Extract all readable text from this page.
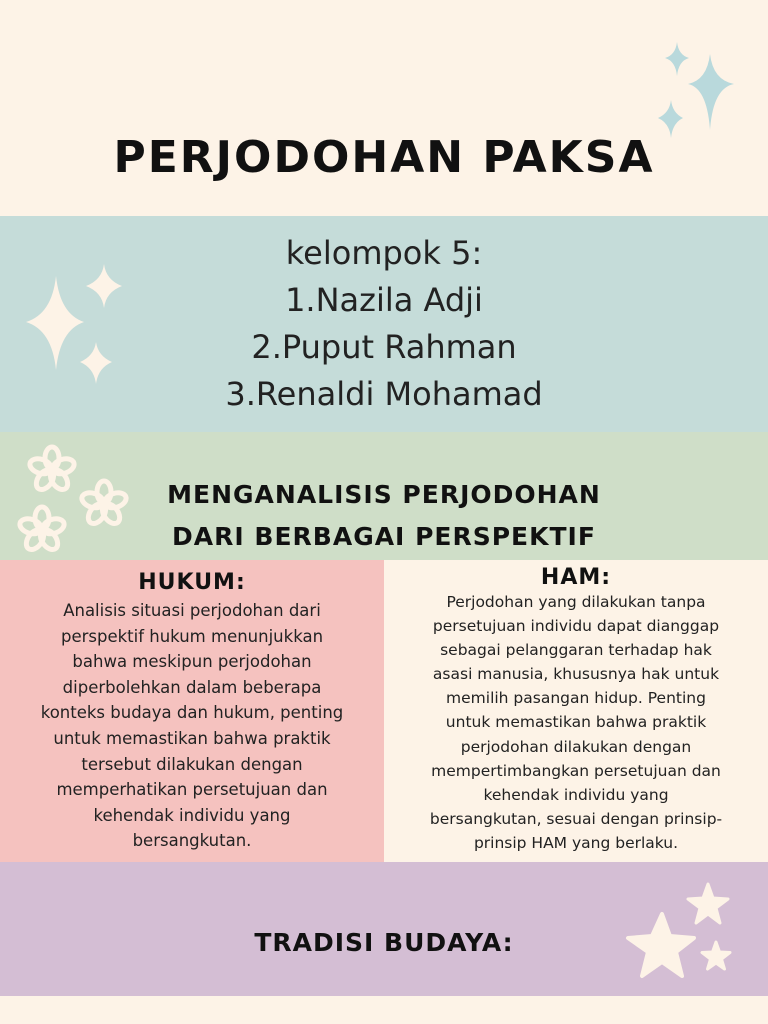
PERJODOHAN PAKSA
kelompok 5:
1.Nazila Adji
2.Puput Rahman
3.Renaldi Mohamad
MENGANALISIS PERJODOHAN
DARI BERBAGAI PERSPEKTIF
HUKUM:
Analisis situasi perjodohan dari
perspektif hukum menunjukkan
bahwa meskipun perjodohan
diperbolehkan dalam beberapa
konteks budaya dan hukum, penting
untuk memastikan bahwa praktik
tersebut dilakukan dengan
memperhatikan persetujuan dan
kehendak individu yang
bersangkutan.
HAM:
Perjodohan yang dilakukan tanpa
persetujuan individu dapat dianggap
sebagai pelanggaran terhadap hak
asasi manusia, khususnya hak untuk
memilih pasangan hidup. Penting
untuk memastikan bahwa praktik
perjodohan dilakukan dengan
mempertimbangkan persetujuan dan
kehendak individu yang
bersangkutan, sesuai dengan prinsip-
prinsip HAM yang berlaku.
TRADISI BUDAYA:
